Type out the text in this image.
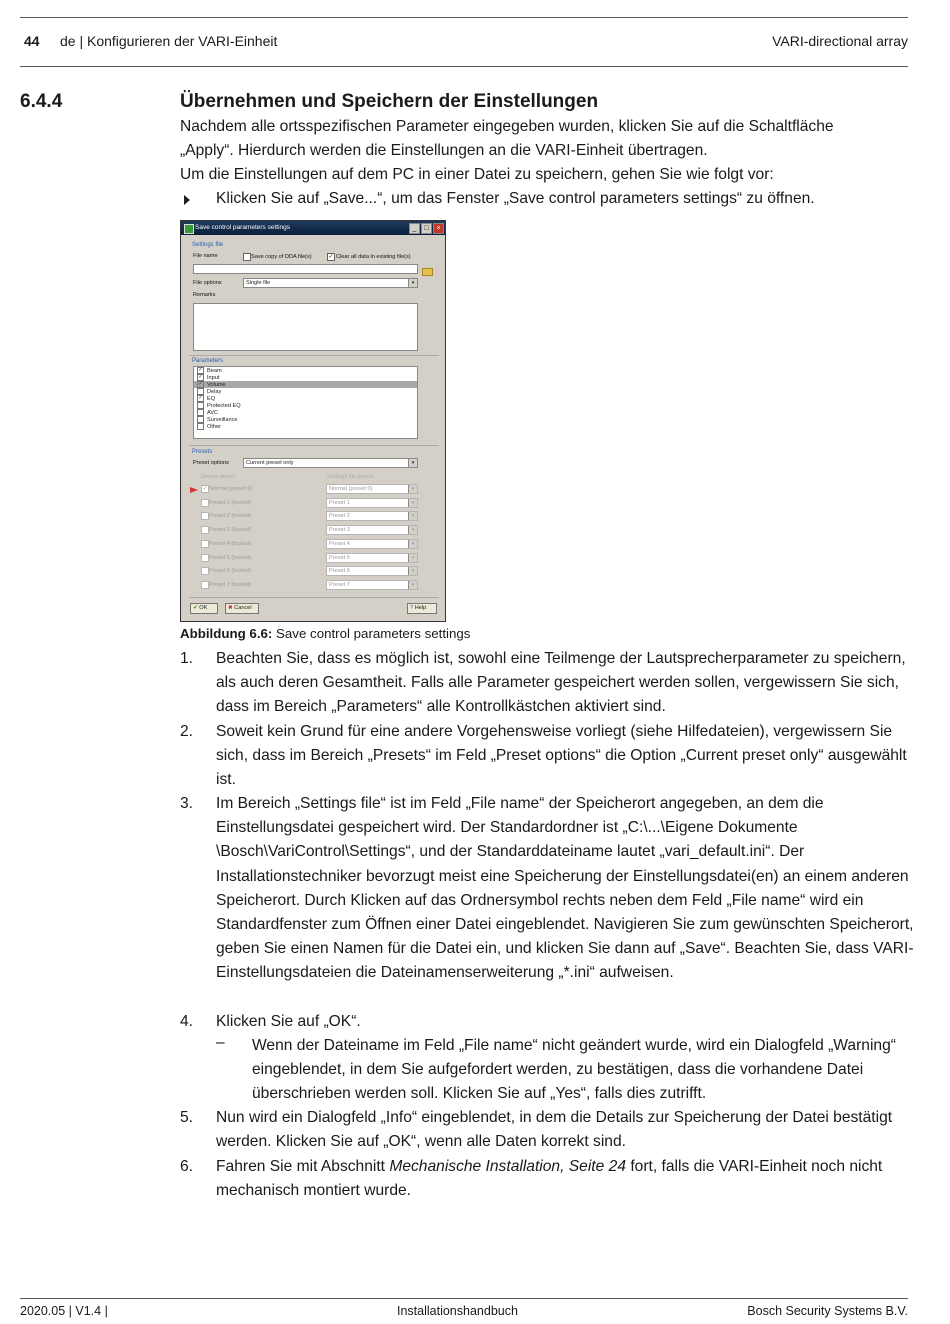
44 de | Konfigurieren der VARI-Einheit	VARI-directional array
6.4.4	Übernehmen und Speichern der Einstellungen
Nachdem alle ortsspezifischen Parameter eingegeben wurden, klicken Sie auf die Schaltfläche
„Apply“. Hierdurch werden die Einstellungen an die VARI-Einheit übertragen.
Um die Einstellungen auf dem PC in einer Datei zu speichern, gehen Sie wie folgt vor:
Klicken Sie auf „Save...“, um das Fenster „Save control parameters settings“ zu öffnen.
Save control parameters settings	_	□	×
Settings file
File name	Save copy of DDA file(s)	✓ Clear all data in existing file(s)
File options	Single file	▾
Remarks
Parameters
✓ Beam
✓ Input
✓ Volume
Delay
✓ EQ
Protected EQ
AVC
Surveillance
Other
Presets
Preset options	Current preset only	▾
Device preset	Settings file preset
✓ Normal (preset 0)	Normal (preset 0)	▾
Preset 1 (locked)	Preset 1	▾
Preset 2 (locked)	Preset 2	▾
Preset 3 (locked)	Preset 3	▾
Preset 4 (locked)	Preset 4	▾
Preset 5 (locked)	Preset 5	▾
Preset 6 (locked)	Preset 6	▾
Preset 7 (locked)	Preset 7	▾
✔ OK	✖ Cancel	? Help
Abbildung 6.6: Save control parameters settings
1. Beachten Sie, dass es möglich ist, sowohl eine Teilmenge der Lautsprecherparameter zu speichern, als auch deren Gesamtheit. Falls alle Parameter gespeichert werden sollen, vergewissern Sie sich, dass im Bereich „Parameters“ alle Kontrollkästchen aktiviert sind.
2. Soweit kein Grund für eine andere Vorgehensweise vorliegt (siehe Hilfedateien), vergewissern Sie sich, dass im Bereich „Presets“ im Feld „Preset options“ die Option „Current preset only“ ausgewählt ist.
3. Im Bereich „Settings file“ ist im Feld „File name“ der Speicherort angegeben, an dem die Einstellungsdatei gespeichert wird. Der Standardordner ist „C:\...\Eigene Dokumente \Bosch\VariControl\Settings“, und der Standarddateiname lautet „vari_default.ini“. Der Installationstechniker bevorzugt meist eine Speicherung der Einstellungsdatei(en) an einem anderen Speicherort. Durch Klicken auf das Ordnersymbol rechts neben dem Feld „File name“ wird ein Standardfenster zum Öffnen einer Datei eingeblendet. Navigieren Sie zum gewünschten Speicherort, geben Sie einen Namen für die Datei ein, und klicken Sie dann auf „Save“. Beachten Sie, dass VARI-Einstellungsdateien die Dateinamenserweiterung „*.ini“ aufweisen.
4. Klicken Sie auf „OK“.
– Wenn der Dateiname im Feld „File name“ nicht geändert wurde, wird ein Dialogfeld „Warning“ eingeblendet, in dem Sie aufgefordert werden, zu bestätigen, dass die vorhandene Datei überschrieben werden soll. Klicken Sie auf „Yes“, falls dies zutrifft.
5. Nun wird ein Dialogfeld „Info“ eingeblendet, in dem die Details zur Speicherung der Datei bestätigt werden. Klicken Sie auf „OK“, wenn alle Daten korrekt sind.
6. Fahren Sie mit Abschnitt Mechanische Installation, Seite 24 fort, falls die VARI-Einheit noch nicht mechanisch montiert wurde.
2020.05 | V1.4 |	Installationshandbuch	Bosch Security Systems B.V.
